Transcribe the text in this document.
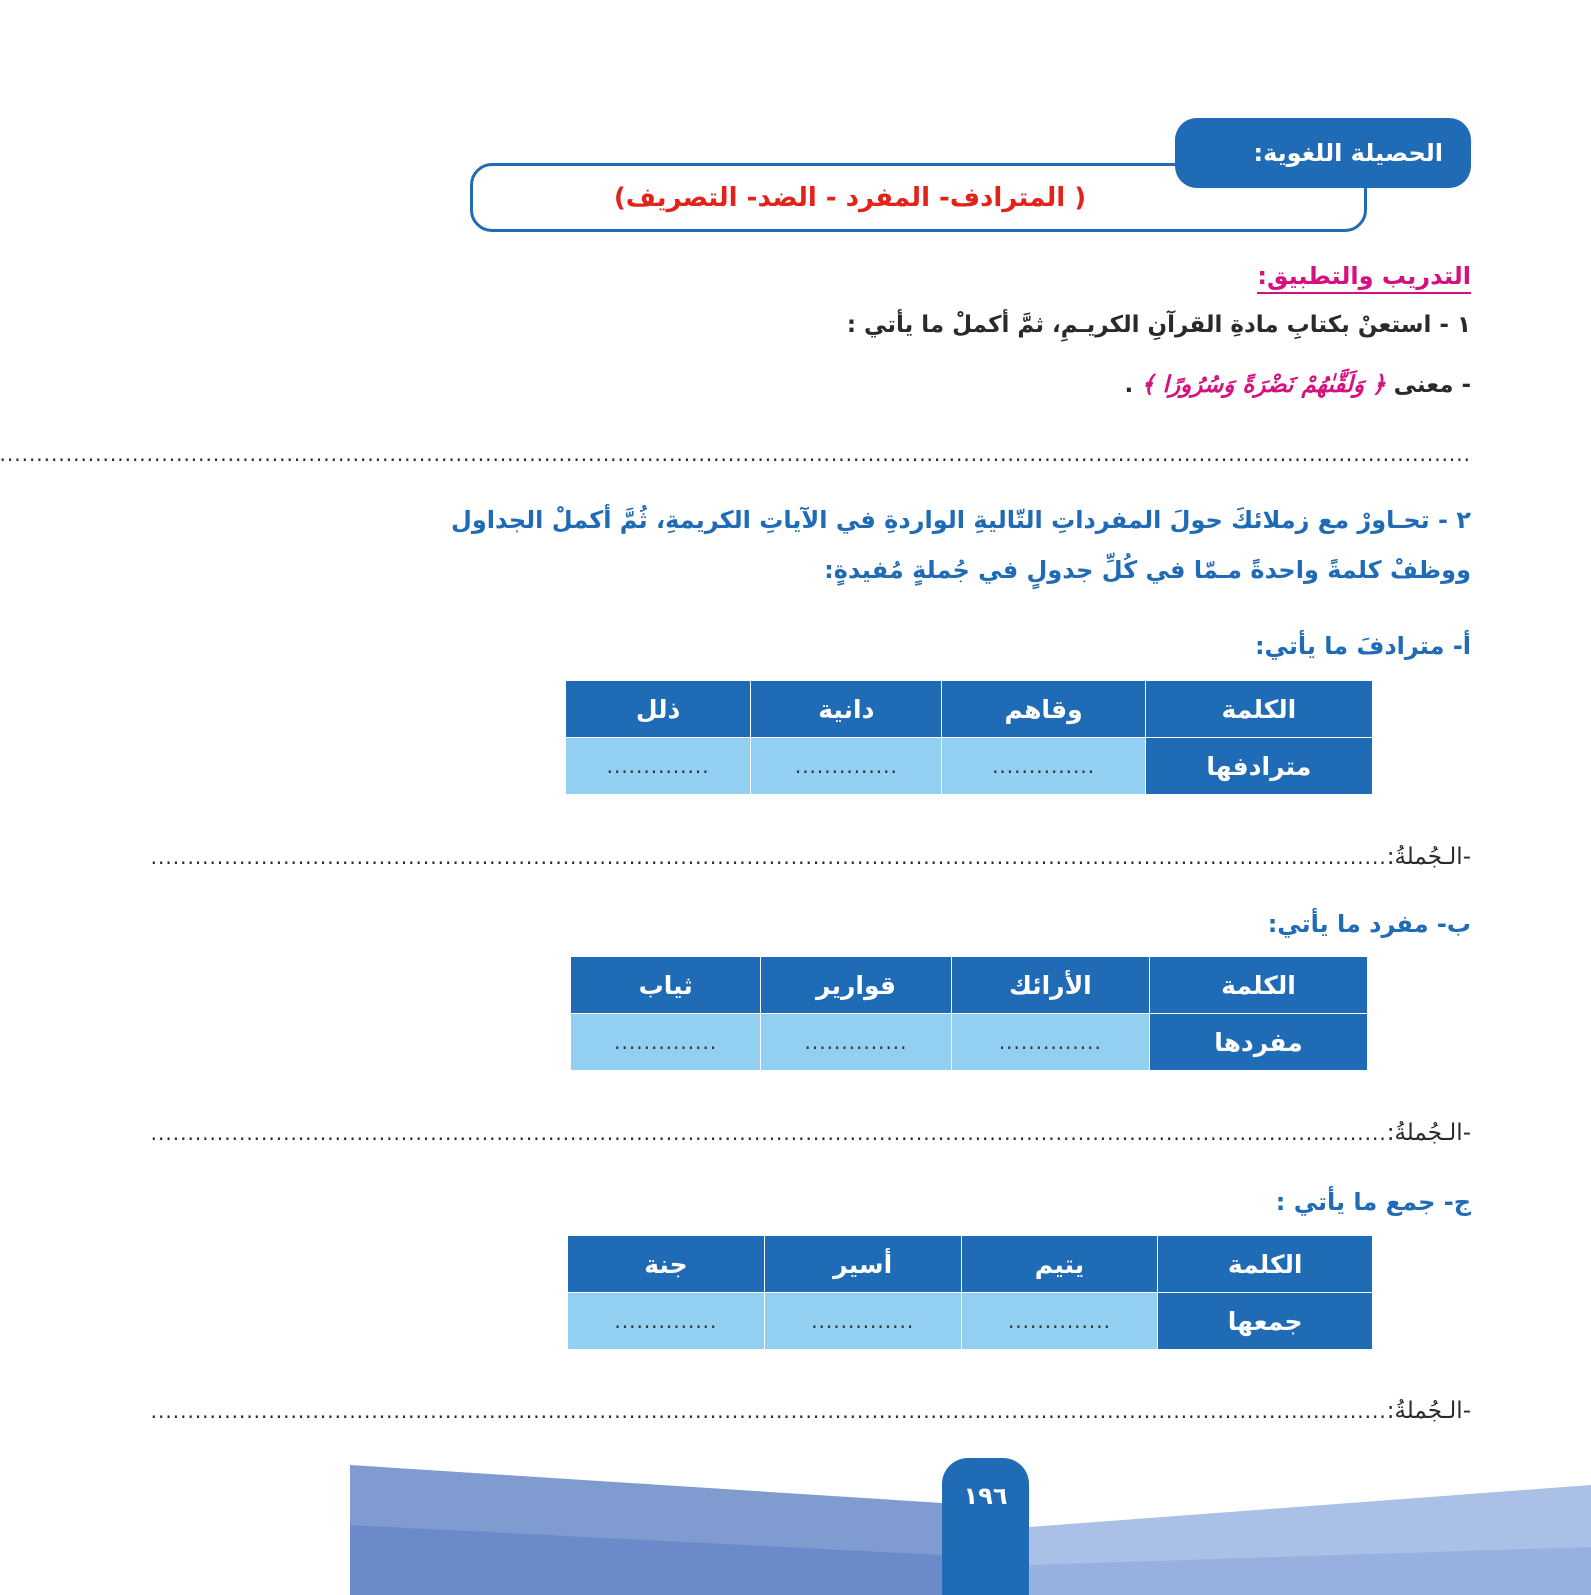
الحصيلة اللغوية:
( المترادف- المفرد - الضد- التصريف)
التدريب والتطبيق:
١ - استعنْ بكتابِ مادةِ القرآنِ الكريـمِ، ثمَّ أكملْ ما يأتي :
- معنى ﴿ وَلَقَّىٰهُمْ نَضْرَةً وَسُرُورًا ﴾ .
........................................................................................................................................................................................................
٢ - تحـاورْ مع زملائكَ حولَ المفرداتِ التّاليةِ الواردةِ في الآياتِ الكريمةِ، ثُمَّ أكملْ الجداول
ووظفْ كلمةً واحدةً مـمّا في كُلِّ جدولٍ في جُملةٍ مُفيدةٍ:
أ- مترادفَ ما يأتي:
الكلمة	وقاهم	دانية	ذلل
مترادفها	..............	..............	..............
-الـجُملةُ:
........................................................................................................................................................................
ب- مفرد ما يأتي:
الكلمة	الأرائك	قوارير	ثياب
مفردها	..............	..............	..............
-الـجُملةُ:
........................................................................................................................................................................
ج- جمع ما يأتي :
الكلمة	يتيم	أسير	جنة
جمعها	..............	..............	..............
-الـجُملةُ:
........................................................................................................................................................................
١٩٦
